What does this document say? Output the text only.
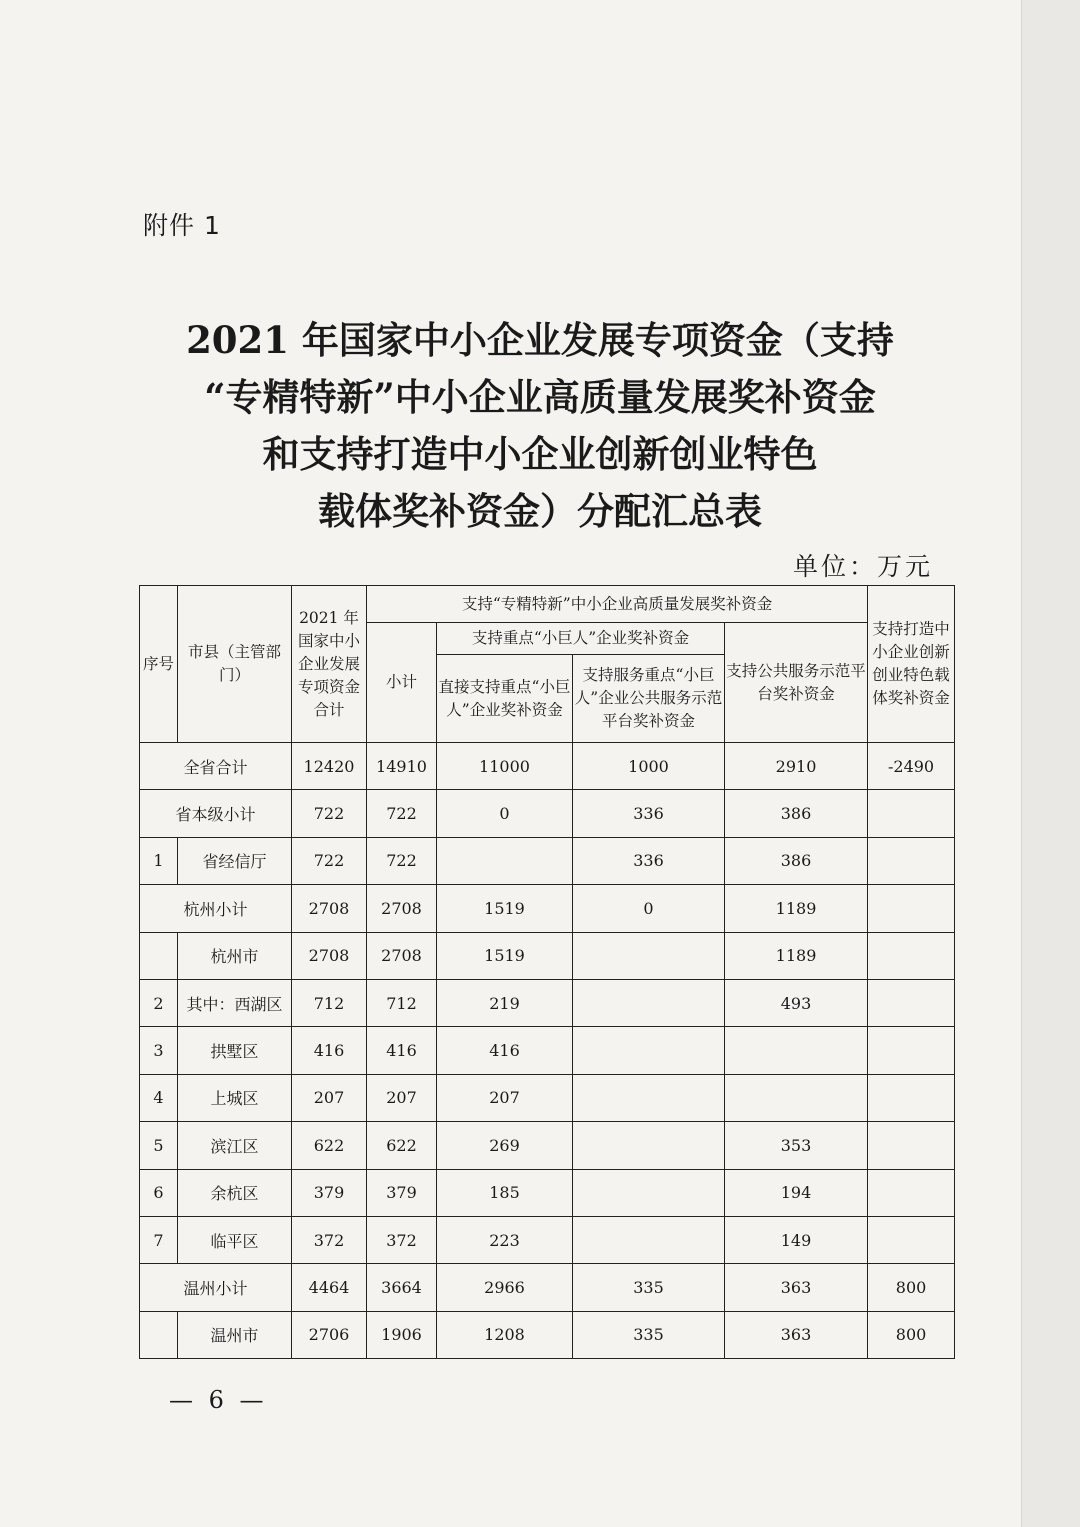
附件 1
2021 年国家中小企业发展专项资金（支持
“专精特新”中小企业高质量发展奖补资金
和支持打造中小企业创新创业特色
载体奖补资金）分配汇总表
单位：万元
序号	市县（主管部门）	2021 年国家中小企业发展专项资金合计	支持“专精特新”中小企业高质量发展奖补资金				支持打造中小企业创新创业特色载体奖补资金
			小计	支持重点“小巨人”企业奖补资金		支持公共服务示范平台奖补资金	
				直接支持重点“小巨人”企业奖补资金	支持服务重点“小巨人”企业公共服务示范平台奖补资金		
全省合计		12420	14910	11000	1000	2910	-2490
省本级小计		722	722	0	336	386	
1	省经信厅	722	722		336	386	
杭州小计		2708	2708	1519	0	1189	
	杭州市	2708	2708	1519		1189	
2	其中：西湖区	712	712	219		493	
3	拱墅区	416	416	416			
4	上城区	207	207	207			
5	滨江区	622	622	269		353	
6	余杭区	379	379	185		194	
7	临平区	372	372	223		149	
温州小计		4464	3664	2966	335	363	800
	温州市	2706	1906	1208	335	363	800
— 6 —
